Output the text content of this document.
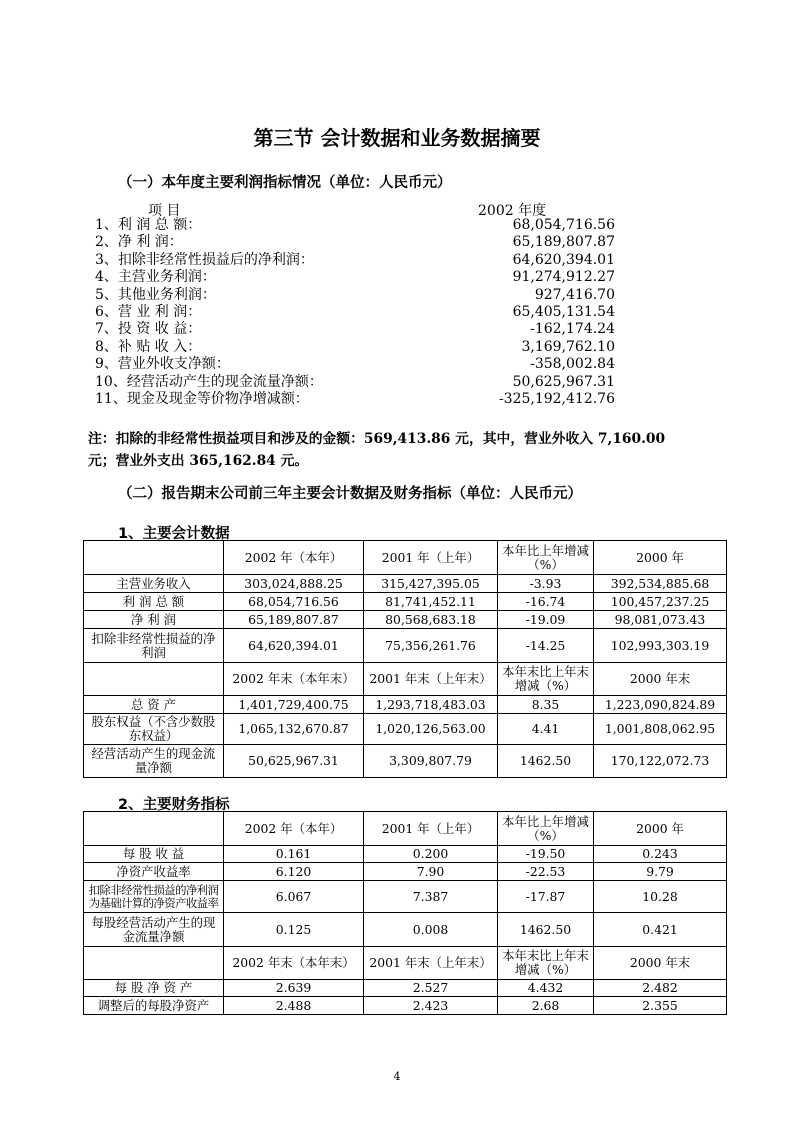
第三节 会计数据和业务数据摘要
（一）本年度主要利润指标情况（单位：人民币元）
项 目	2002 年度
1、利 润 总 额：	68,054,716.56
2、净 利 润：	65,189,807.87
3、扣除非经常性损益后的净利润：	64,620,394.01
4、主营业务利润：	91,274,912.27
5、其他业务利润：	927,416.70
6、营 业 利 润：	65,405,131.54
7、投 资 收 益：	-162,174.24
8、补 贴 收 入：	3,169,762.10
9、营业外收支净额：	-358,002.84
10、经营活动产生的现金流量净额：	50,625,967.31
11、现金及现金等价物净增减额：	-325,192,412.76
注：扣除的非经常性损益项目和涉及的金额：569,413.86 元，其中，营业外收入 7,160.00
元；营业外支出 365,162.84 元。
（二）报告期末公司前三年主要会计数据及财务指标（单位：人民币元）
1、主要会计数据
	2002 年（本年）	2001 年（上年）	本年比上年增减（%）	2000 年
主营业务收入	303,024,888.25	315,427,395.05	-3.93	392,534,885.68
利 润 总 额	68,054,716.56	81,741,452.11	-16.74	100,457,237.25
净 利 润	65,189,807.87	80,568,683.18	-19.09	98,081,073.43
扣除非经常性损益的净利润	64,620,394.01	75,356,261.76	-14.25	102,993,303.19
	2002 年末（本年末）	2001 年末（上年末）	本年末比上年末增减（%）	2000 年末
总 资 产	1,401,729,400.75	1,293,718,483.03	8.35	1,223,090,824.89
股东权益（不含少数股东权益）	1,065,132,670.87	1,020,126,563.00	4.41	1,001,808,062.95
经营活动产生的现金流量净额	50,625,967.31	3,309,807.79	1462.50	170,122,072.73
2、主要财务指标
	2002 年（本年）	2001 年（上年）	本年比上年增减（%）	2000 年
每 股 收 益	0.161	0.200	-19.50	0.243
净资产收益率	6.120	7.90	-22.53	9.79
扣除非经常性损益的净利润为基础计算的净资产收益率	6.067	7.387	-17.87	10.28
每股经营活动产生的现金流量净额	0.125	0.008	1462.50	0.421
	2002 年末（本年末）	2001 年末（上年末）	本年末比上年末增减（%）	2000 年末
每 股 净 资 产	2.639	2.527	4.432	2.482
调整后的每股净资产	2.488	2.423	2.68	2.355
4
